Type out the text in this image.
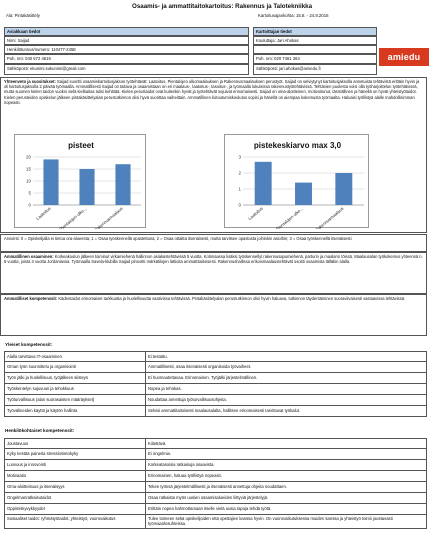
Osaamis- ja ammattitaitokartoitus: Rakennus ja Talotekniikka
Ala: Pintakäsittely	Kartoitusajankohta: 15.8. - 24.8.2016
Asiakkaan tiedot
Nimi: Saijad
Henkilötunnus/numero: 110477-245E
Puh. nro: 040 572 4619
Sähköposti: ekunimi.sukunimi@gmail.com
Kartoittajan tiedot
Kouluttaja: Jari Ahokas
Puh. nro: 020 7461 364
Sähköposti: jari.ahokas@amiedu.fi
amiedu
Yhteenveto ja suositukset: Saijad suoritti osaamiskartoitusjakson työtehtävät: Laatoitus, Pientalojen ulkomaalauksen ja Rakennusmaalauksen perustyöt. Saijad on selviytynyt kartoitusjaksolla annetuista tehtävistä erittäin hyvin ja oli kartoitusjaksolla 2 päivää työmaalla. Ammatillisesti Saijad on taitava ja osaamistaan on eri maalaus-, laatoitus-, tasoitus-, ja työmaalla lukuisissa rakennustyötehtävissä. Tehtävien puolesta voisi olla työharjoittelun työtehtävissä, mutta suomen kielen taidon vuoksi vielä kielitaitoa tulisi kehittää. Kielen perustaidot ovat kuitenkin hyvät ja työtehtävät sujuivat erinomaisesti. Saijad on oma-aloitteinen, motivoitunut, täsmällinen ja hänellä on hyvät yhteistyötaidot. Kielen perusteiden opiskelun jälkeen pintakäsittelyalan perustutkinnon olisi hyvä suorittaa vaiheittain. Ammatillinen kotoutumiskoulutus sopisi ja hänellä on aiempaa kokemusta työmaalta. Haluaisi työllistyä alalle mahdollisimman nopeasti.
pisteet
0
5
10
15
20
Laatoitus Pientalojen ulko... Rakennusmaalaus
pistekeskiarvo max 3,0
0
1
2
3
Laatoitus	Pientalojen ulko... Rakennusmaalaus
Arviointi: 0 = Opiskelijalla ei tietoa ora-alueesta; 1 = Osaa työskennellä opastettuna; 2 = Osaa ottaitta itsenäisesti, mutta tarvitsee opastusta joihinkin asioihin; 3 = Osaa työskennellä itsenäisesti
Ammatillinen osaaminen: Korkeakoulun jälkeen toiminut virkamiehenä hallinnon asiakastehtävissä 5 vuotta. Kotimaassa lisäksi työskennellyt rakennusapumiehenä, parturin ja maalarin töissä. Maalausalan työkokemus yhteensä n. 8 vuotta, joista 3 vuotta Jordaniassa. Työmaalla Savela-klubilla Saijad pinnoitti märkätilojen lattioita ammattitaitoisesti. Rakennushallissa erikoismaalaustehtävät osoitti osaamista tälläkin alalla.
Ammatilliset kompetenssit: Kädentaidot erinomaiset tarkkuutta ja huolellisuutta vaativissa tehtävissä. Pintakäsittelyalan perustutkinnon olisi hyvin haluava, tutkinnon täydentäminen suoraviivaisesti vastaavissa tehtävissä.
Yleiset kompetenssit:
Alalla tarvittava IT-osaaminen	Ei testattu.
Oman työn suunnittelu ja organisointi	Ammatillisesti, osaa itsenäisesti organisoida työvaiheet.
Työn jälki ja huolellisuus, työjälkeen siisteys	Ei huomautettavaa. Erinomainen. Työjälki järjestelmällinen.
Työskentelyn sujuvuus ja tehokkuus	Nopea ja tehokas.
Työturvallisuus (alan suorasaisten määräykset)	Noudattaa annettuja työturvallisuusohjeita.
Työvälineiden käyttö ja käytön hallinta	Selvisi ammattitaitoisesti maalausalalta, hallitsee erinomaisesti tarvittavat työkalut.
Henkilökohtaiset kompetenssit:
Joustavuus	Kiitettävä.
Kyky kestää paineita stressinsietokyky	Ei ongelmia.
Luovuus ja innovointi	Korkeatasoisia ratkaisuja osaavista.
Motivaatio	Erinomainen, haluaa työllistyä nopeasti.
Oma-aloitteisuus ja itsenäisyys	Tekee työnsä järjestelmällisesti ja itsenäisesti annettuja ohjeita noudattaen.
Ongelmanratkaisutaidot	Osaa ratkaista myös uusien osaamisalueiden liittyviä järjestelyjä.
Oppimiskyvykkyydet	Erittäin nopea hahmottamaan itselle vielä uusia tapoja tehdä työtä.
Sosiaaliset taidot: ryhmätyötaidot, yhteistyö, vuorovaikutus	Tulee toimeen sekä opiskelijoiden että opettajien kanssa hyvin. On vuorovaikutuksessa muiden kanssa ja yhteistyö toimii joustavasti työmaaolosuhteissa.
